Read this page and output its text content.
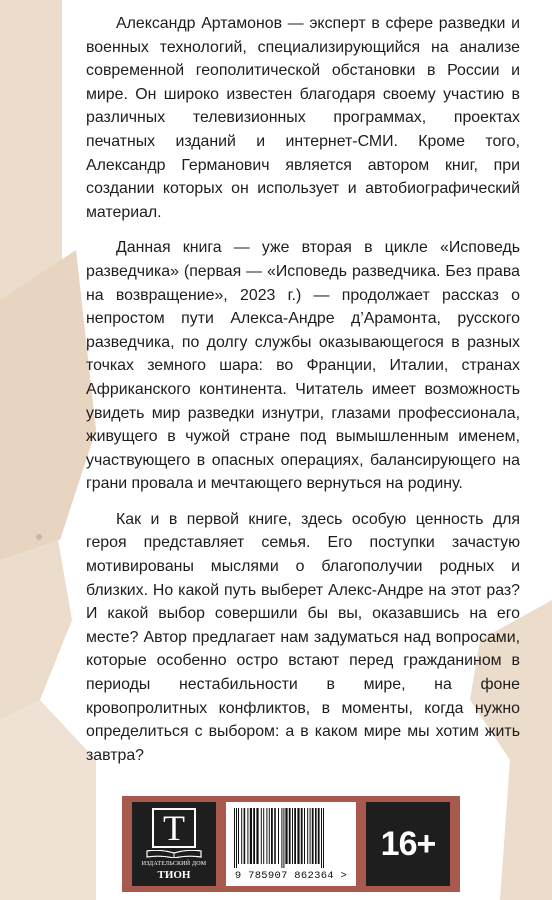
Александр Артамонов — эксперт в сфере разведки и военных технологий, специализирующийся на анализе современной геополитической обстановки в России и мире. Он широко известен благодаря своему участию в различных телевизионных программах, проектах печатных изданий и интернет-СМИ. Кроме того, Александр Германович является автором книг, при создании которых он использует и автобиографический материал.

Данная книга — уже вторая в цикле «Исповедь разведчика» (первая — «Исповедь разведчика. Без права на возвращение», 2023 г.) — продолжает рассказ о непростом пути Алекса-Андре д’Арамонта, русского разведчика, по долгу службы оказывающегося в разных точках земного шара: во Франции, Италии, странах Африканского континента. Читатель имеет возможность увидеть мир разведки изнутри, глазами профессионала, живущего в чужой стране под вымышленным именем, участвующего в опасных операциях, балансирующего на грани провала и мечтающего вернуться на родину.

Как и в первой книге, здесь особую ценность для героя представляет семья. Его поступки зачастую мотивированы мыслями о благополучии родных и близких. Но какой путь выберет Алекс-Андре на этот раз? И какой выбор совершили бы вы, оказавшись на его месте? Автор предлагает нам задуматься над вопросами, которые особенно остро встают перед гражданином в периоды нестабильности в мире, на фоне кровопролитных конфликтов, в моменты, когда нужно определиться с выбором: а в каком мире мы хотим жить завтра?

Т
ИЗДАТЕЛЬСКИЙ ДОМ
ТИОН	9 785907 862364 >
16+
